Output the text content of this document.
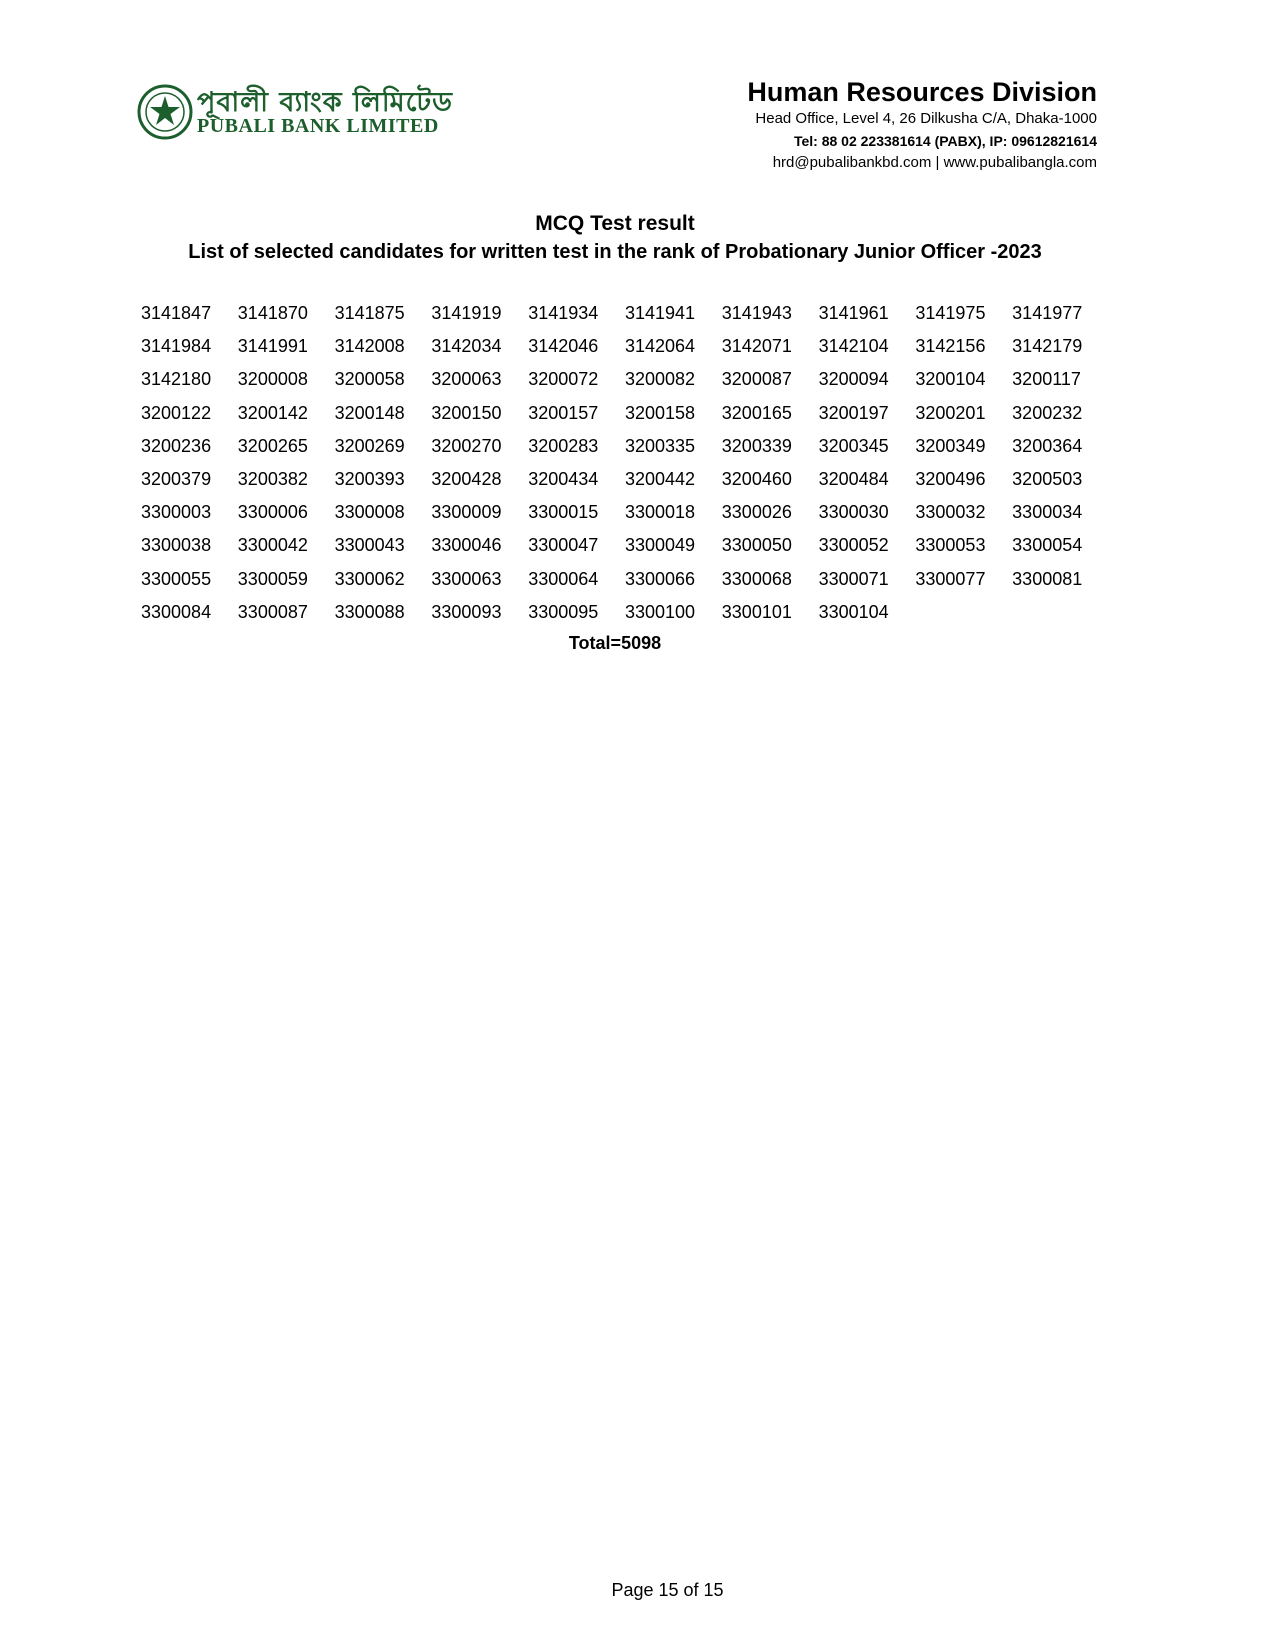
পূবালী ব্যাংক লিমিটেড
PUBALI BANK LIMITED
Human Resources Division
Head Office, Level 4, 26 Dilkusha C/A, Dhaka-1000
Tel: 88 02 223381614 (PABX), IP: 09612821614
hrd@pubalibankbd.com | www.pubalibangla.com
MCQ Test result
List of selected candidates for written test in the rank of Probationary Junior Officer -2023
3141847 3141870 3141875 3141919 3141934 3141941 3141943 3141961 3141975 3141977
3141984 3141991 3142008 3142034 3142046 3142064 3142071 3142104 3142156 3142179
3142180 3200008 3200058 3200063 3200072 3200082 3200087 3200094 3200104 3200117
3200122 3200142 3200148 3200150 3200157 3200158 3200165 3200197 3200201 3200232
3200236 3200265 3200269 3200270 3200283 3200335 3200339 3200345 3200349 3200364
3200379 3200382 3200393 3200428 3200434 3200442 3200460 3200484 3200496 3200503
3300003 3300006 3300008 3300009 3300015 3300018 3300026 3300030 3300032 3300034
3300038 3300042 3300043 3300046 3300047 3300049 3300050 3300052 3300053 3300054
3300055 3300059 3300062 3300063 3300064 3300066 3300068 3300071 3300077 3300081
3300084 3300087 3300088 3300093 3300095 3300100 3300101 3300104
Total=5098
Page 15 of 15
